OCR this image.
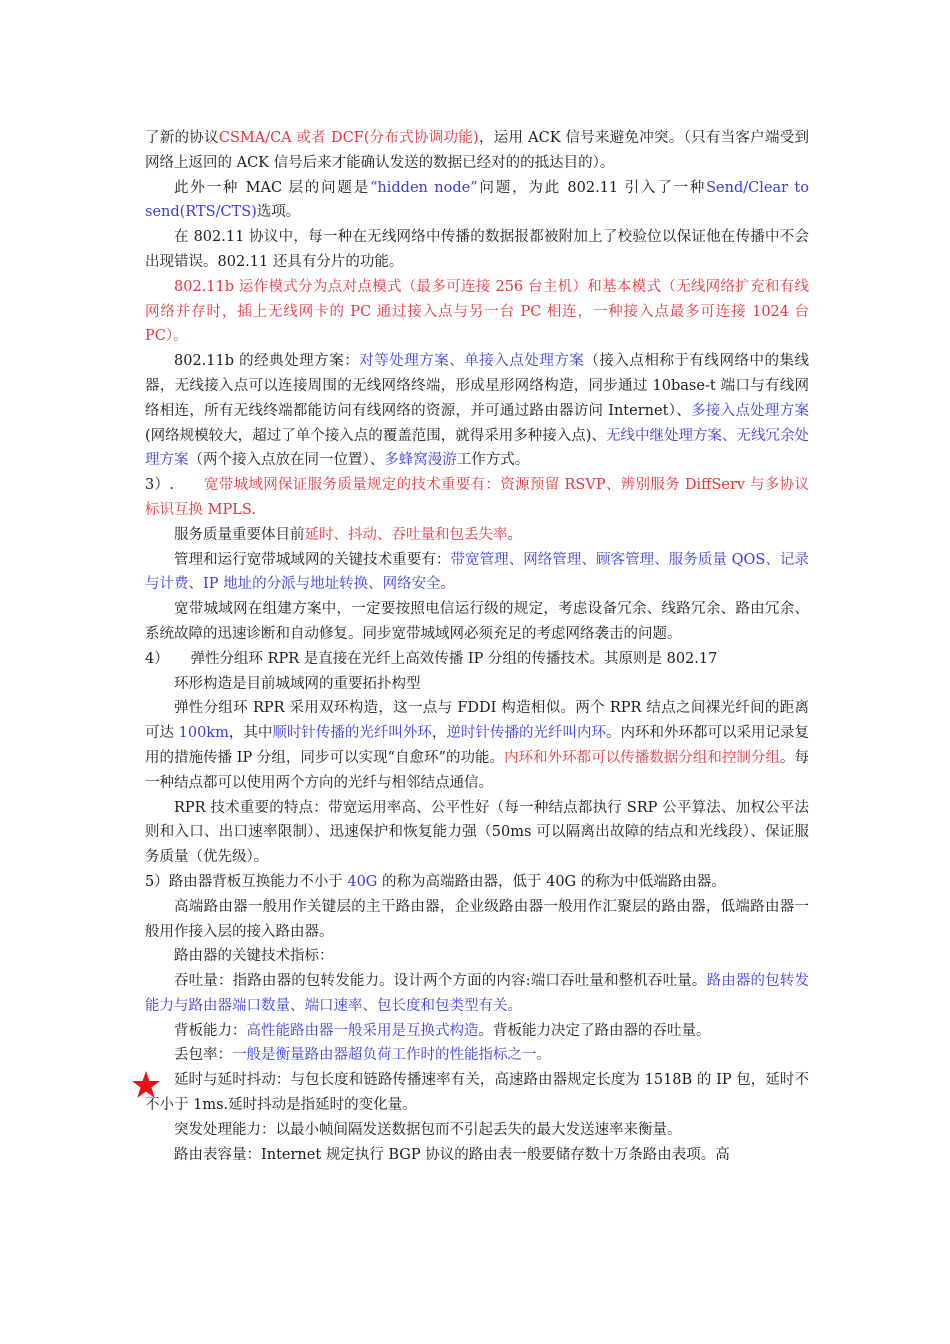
了新的协议CSMA/CA 或者 DCF(分布式协调功能)，运用 ACK 信号来避免冲突。（只有当客户端受到网络上返回的 ACK 信号后来才能确认发送的数据已经对的的抵达目的）。

此外一种 MAC 层的问题是“hidden node”问题，为此 802.11 引入了一种Send/Clear to send(RTS/CTS)选项。

在 802.11 协议中，每一种在无线网络中传播的数据报都被附加上了校验位以保证他在传播中不会出现错误。802.11 还具有分片的功能。

802.11b 运作模式分为点对点模式（最多可连接 256 台主机）和基本模式（无线网络扩充和有线网络并存时，插上无线网卡的 PC 通过接入点与另一台 PC 相连，一种接入点最多可连接 1024 台 PC）。

802.11b 的经典处理方案：对等处理方案、单接入点处理方案（接入点相称于有线网络中的集线器，无线接入点可以连接周围的无线网络终端，形成星形网络构造，同步通过 10base-t 端口与有线网络相连，所有无线终端都能访问有线网络的资源，并可通过路由器访问 Internet）、多接入点处理方案(网络规模较大，超过了单个接入点的覆盖范围，就得采用多种接入点)、无线中继处理方案、无线冗余处理方案（两个接入点放在同一位置）、多蜂窝漫游工作方式。

3）.　　宽带城域网保证服务质量规定的技术重要有：资源预留 RSVP、辨别服务 DiffServ 与多协议标识互换 MPLS.

服务质量重要体目前延时、抖动、吞吐量和包丢失率。

管理和运行宽带城域网的关键技术重要有：带宽管理、网络管理、顾客管理、服务质量 QOS、记录与计费、IP 地址的分派与地址转换、网络安全。

宽带城域网在组建方案中，一定要按照电信运行级的规定，考虑设备冗余、线路冗余、路由冗余、系统故障的迅速诊断和自动修复。同步宽带城域网必须充足的考虑网络袭击的问题。

4）　　弹性分组环 RPR 是直接在光纤上高效传播 IP 分组的传播技术。其原则是 802.17

环形构造是目前城域网的重要拓扑构型

弹性分组环 RPR 采用双环构造，这一点与 FDDI 构造相似。两个 RPR 结点之间裸光纤间的距离可达 100km，其中顺时针传播的光纤叫外环，逆时针传播的光纤叫内环。内环和外环都可以采用记录复用的措施传播 IP 分组，同步可以实现“自愈环”的功能。内环和外环都可以传播数据分组和控制分组。每一种结点都可以使用两个方向的光纤与相邻结点通信。

RPR 技术重要的特点：带宽运用率高、公平性好（每一种结点都执行 SRP 公平算法、加权公平法则和入口、出口速率限制）、迅速保护和恢复能力强（50ms 可以隔离出故障的结点和光线段）、保证服务质量（优先级）。

5）路由器背板互换能力不小于 40G 的称为高端路由器，低于 40G 的称为中低端路由器。

高端路由器一般用作关键层的主干路由器，企业级路由器一般用作汇聚层的路由器，低端路由器一般用作接入层的接入路由器。

路由器的关键技术指标：

吞吐量：指路由器的包转发能力。设计两个方面的内容:端口吞吐量和整机吞吐量。路由器的包转发能力与路由器端口数量、端口速率、包长度和包类型有关。

背板能力：高性能路由器一般采用是互换式构造。背板能力决定了路由器的吞吐量。

丢包率：一般是衡量路由器超负荷工作时的性能指标之一。

延时与延时抖动：与包长度和链路传播速率有关，高速路由器规定长度为 1518B 的 IP 包，延时不不小于 1ms.延时抖动是指延时的变化量。

突发处理能力：以最小帧间隔发送数据包而不引起丢失的最大发送速率来衡量。

路由表容量：Internet 规定执行 BGP 协议的路由表一般要储存数十万条路由表项。高
